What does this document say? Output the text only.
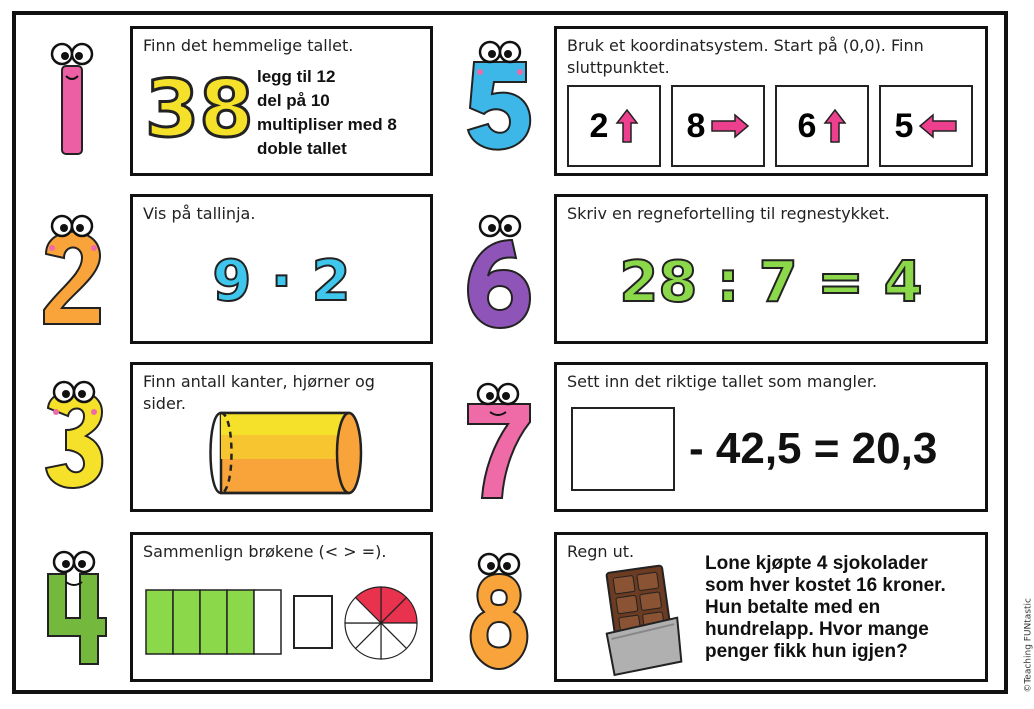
Finn det hemmelige tallet.
38 legg til 12
del på 10
multipliser med 8
doble tallet
Vis på tallinja.
9 · 2
Finn antall kanter, hjørner og sider.
Sammenlign brøkene (< > =).
Bruk et koordinatsystem. Start på (0,0). Finn sluttpunktet.
2 8	6 5
Skriv en regnefortelling til regnestykket.
28 : 7 = 4
Sett inn det riktige tallet som mangler.
- 42,5 = 20,3
Regn ut.
Lone kjøpte 4 sjokolader
som hver kostet 16 kroner.
Hun betalte med en
hundrelapp. Hvor mange
penger fikk hun igjen?	©Teaching FUNtastic
